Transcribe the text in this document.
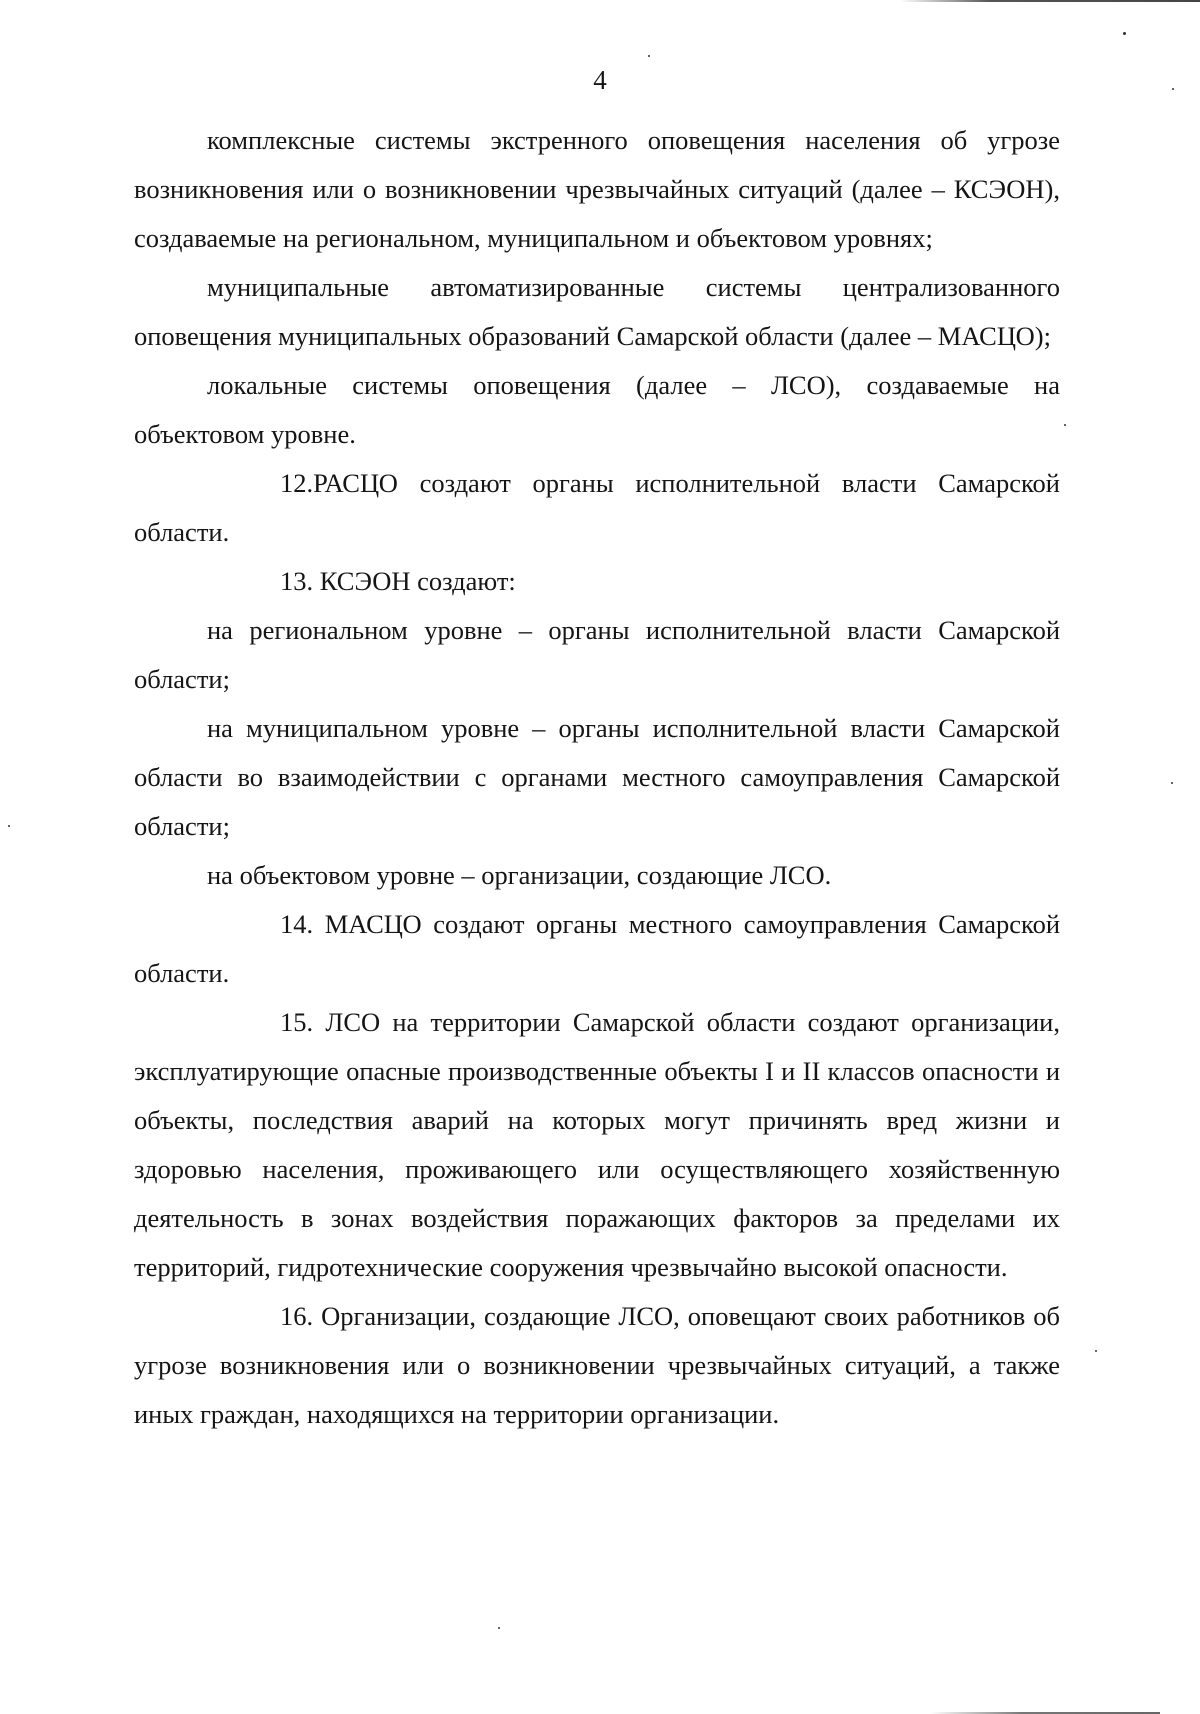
4

комплексные системы экстренного оповещения населения об угрозе возникновения или о возникновении чрезвычайных ситуаций (далее – КСЭОН), создаваемые на региональном, муниципальном и объектовом уровнях;

муниципальные автоматизированные системы централизованного оповещения муниципальных образований Самарской области (далее – МАСЦО);

локальные системы оповещения (далее – ЛСО), создаваемые на объектовом уровне.

12.РАСЦО создают органы исполнительной власти Самарской области.

13. КСЭОН создают:

на региональном уровне – органы исполнительной власти Самарской области;

на муниципальном уровне – органы исполнительной власти Самарской области во взаимодействии с органами местного самоуправления Самарской области;

на объектовом уровне – организации, создающие ЛСО.

14. МАСЦО создают органы местного самоуправления Самарской области.

15. ЛСО на территории Самарской области создают организации, эксплуатирующие опасные производственные объекты I и II классов опасности и объекты, последствия аварий на которых могут причинять вред жизни и здоровью населения, проживающего или осуществляющего хозяйственную деятельность в зонах воздействия поражающих факторов за пределами их территорий, гидротехнические сооружения чрезвычайно высокой опасности.

16. Организации, создающие ЛСО, оповещают своих работников об угрозе возникновения или о возникновении чрезвычайных ситуаций, а также иных граждан, находящихся на территории организации.
